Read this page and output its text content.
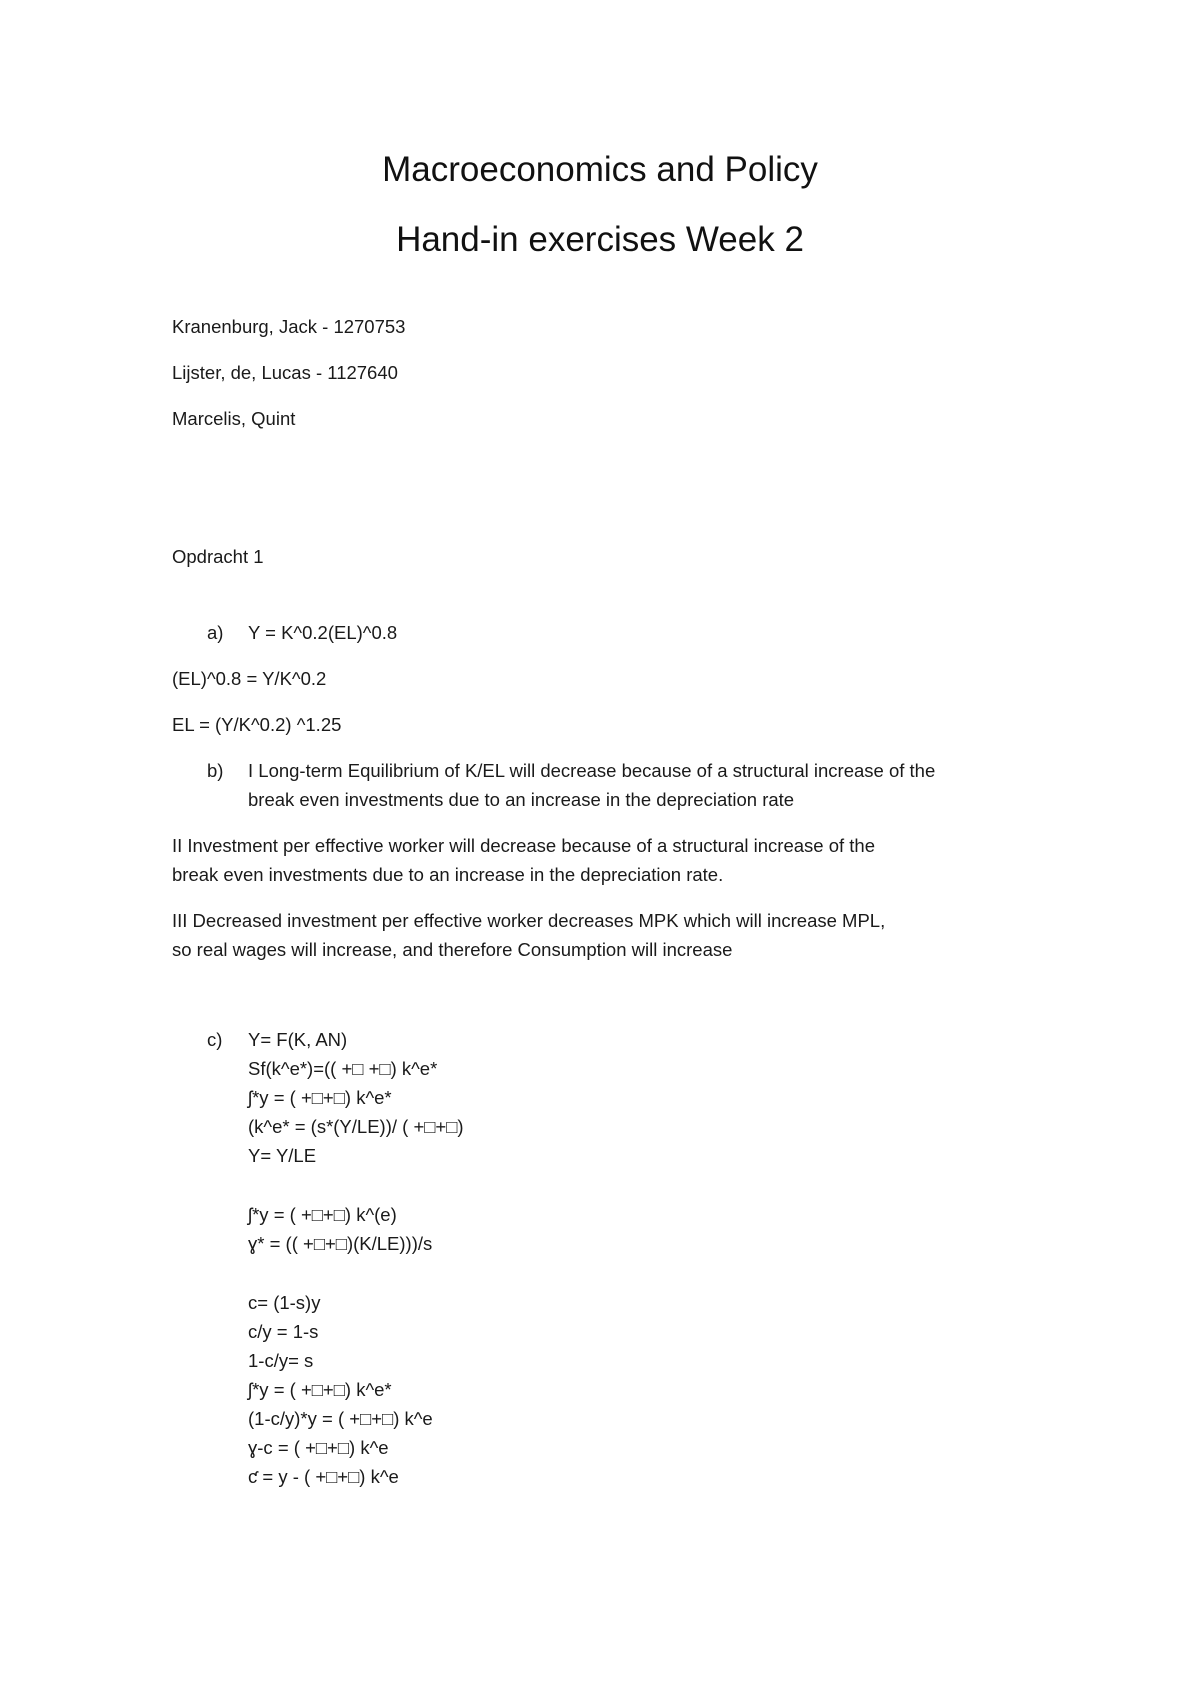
Macroeconomics and Policy
Hand-in exercises Week 2
Kranenburg, Jack - 1270753
Lijster, de, Lucas - 1127640
Marcelis, Quint
Opdracht 1
a) Y = K^0.2(EL)^0.8
(EL)^0.8 = Y/K^0.2
EL = (Y/K^0.2) ^1.25
b) I Long-term Equilibrium of K/EL will decrease because of a structural increase of the
break even investments due to an increase in the depreciation rate
II Investment per effective worker will decrease because of a structural increase of the
break even investments due to an increase in the depreciation rate.
III Decreased investment per effective worker decreases MPK which will increase MPL,
so real wages will increase, and therefore Consumption will increase
c) Y= F(K, AN)
Sf(k^e*)=(( +□ +□) k^e*
ʃ*y = ( +□+□) k^e*
(k^e* = (s*(Y/LE))/ ( +□+□)
Y= Y/LE
ʃ*y = ( +□+□) k^(e)
ɣ* = (( +□+□)(K/LE)))/s
c= (1-s)y
c/y = 1-s
1-c/y= s
ʃ*y = ( +□+□) k^e*
(1-c/y)*y = ( +□+□) k^e
ɣ-c = ( +□+□) k^e
ƈ = y - ( +□+□) k^e
